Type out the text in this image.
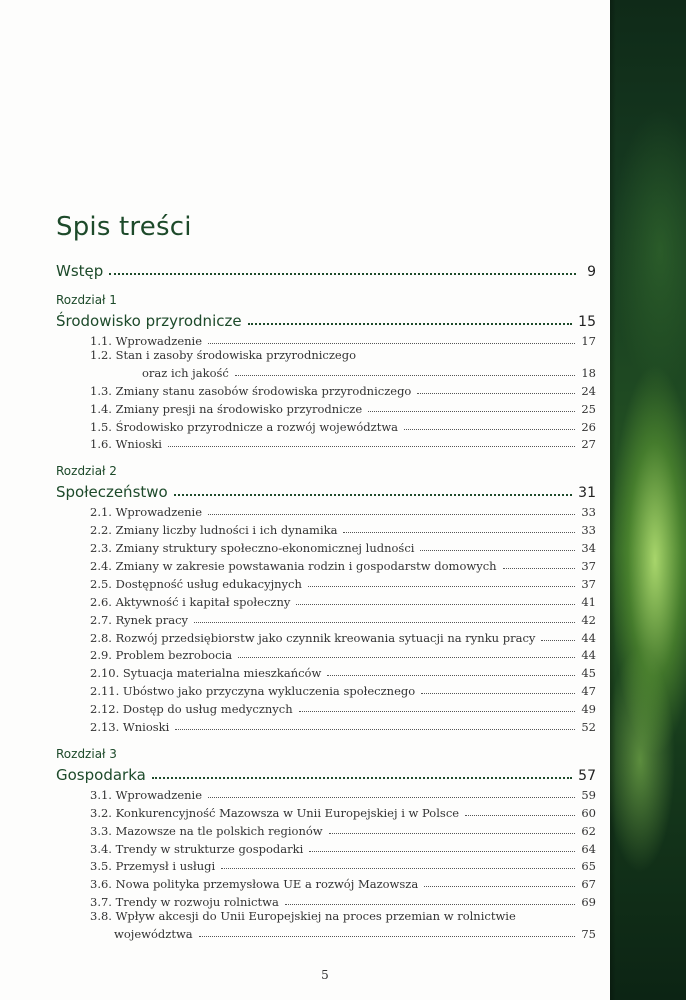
Spis treści
Wstęp	9
Rozdział 1
Środowisko przyrodnicze	15
1.1. Wprowadzenie	17
1.2. Stan i zasoby środowiska przyrodniczego
oraz ich jakość	18
1.3. Zmiany stanu zasobów środowiska przyrodniczego	24
1.4. Zmiany presji na środowisko przyrodnicze	25
1.5. Środowisko przyrodnicze a rozwój województwa	26
1.6. Wnioski	27
Rozdział 2
Społeczeństwo	31
2.1. Wprowadzenie	33
2.2. Zmiany liczby ludności i ich dynamika	33
2.3. Zmiany struktury społeczno-ekonomicznej ludności	34
2.4. Zmiany w zakresie powstawania rodzin i gospodarstw domowych	37
2.5. Dostępność usług edukacyjnych	37
2.6. Aktywność i kapitał społeczny	41
2.7. Rynek pracy	42
2.8. Rozwój przedsiębiorstw jako czynnik kreowania sytuacji na rynku pracy	44
2.9. Problem bezrobocia	44
2.10. Sytuacja materialna mieszkańców	45
2.11. Ubóstwo jako przyczyna wykluczenia społecznego	47
2.12. Dostęp do usług medycznych	49
2.13. Wnioski	52
Rozdział 3
Gospodarka	57
3.1. Wprowadzenie	59
3.2. Konkurencyjność Mazowsza w Unii Europejskiej i w Polsce	60
3.3. Mazowsze na tle polskich regionów	62
3.4. Trendy w strukturze gospodarki	64
3.5. Przemysł i usługi	65
3.6. Nowa polityka przemysłowa UE a rozwój Mazowsza	67
3.7. Trendy w rozwoju rolnictwa	69
3.8. Wpływ akcesji do Unii Europejskiej na proces przemian w rolnictwie
województwa	75
5
